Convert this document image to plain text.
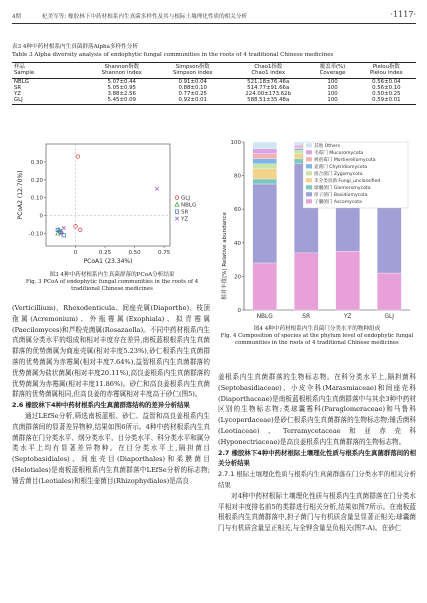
4期	杞美军等: 橡胶林下中药材根系内生真菌多样性及其与根际土壤理化性质的相关分析	·1117·
表3 4种中药材根系内生真菌群落Alpha多样性分析
Table 3 Alpha diversity analysis of endophytic fungal communities in the roots of 4 traditional Chinese medicines
样品	Shannon指数	Simpson指数	Chao1指数	覆盖率(%)	Pielou指数
Sample	Shannon index	Simpson index	Chao1 index	Coverage	Pielou index
NBLG	5.07±0.44	0.91±0.04	521.18±76.46a	100	0.56±0.04
SR	5.05±0.95	0.88±0.10	514.77±91.66a	100	0.56±0.10
YZ	3.88±2.56	0.77±0.25	224.00±173.62b	100	0.50±0.25
GLJ	5.45±0.09	0.92±0.01	588.51±35.48a	100	0.59±0.01
0	0.25	0.50	0.75
-0.10
0
0.10
0.20
0.30
PCoA1 (23.34%)
PCoA2 (12.70%)	GLJ
NBLG
SR
YZ
图3 4种中药材根系内生真菌群落的PCoA分析结果
Fig. 3 PCoA of endophytic fungal communities in the roots of 4 traditional Chinese medicines
0
20
40
60
80
100
相对丰度(%) Relative abundance
NBLG	SR	YZ	GLJ
其他 Others
毛霉门 Mucoromycota
被孢霉门 Mortierellomycota
壶菌门 Chytridiomycota
接合菌门 Zygomycota
未分类真菌 Fungi_unclassified
球囊菌门 Glomeromycota
担子菌门 Basidiomycota
子囊菌门 Ascomycota
图4 4种中药材根系内生真菌门分类水平的物种组成
Fig. 4 Composition of species at the phylum level of endophytic fungal communities in the roots of 4 traditional Chinese medicines

(Verticillium)、Rhexodenticula、间座壳属(Diaporthe)、枝顶孢属(Acremonium)、外瓶霉属(Exophiala)、拟青霉属(Paecilomyces)和芦粉壳菌属(Rosazaella)。不同中药材根系内生真菌属分类水平的组成和相对丰度存在差异,南板蓝根根系内生真菌群落的优势菌属为商座壳属(相对丰度5.23%),砂仁根系内生真菌群落的优势菌属为赤霉属(相对丰度7.64%),益智根系内生真菌群落的优势菌属为盐状菌属(相对丰度20.11%),高良姜根系内生真菌群落的优势菌属为赤霉属(相对丰度11.86%)。砂仁和高良姜根系内生真菌群落的优势菌属相同,但高良姜的赤霉属相对丰度高于砂仁(图5)。

2.6 橡胶林下4种中药材根系内生真菌群落结构的差异分析结果

通过LEfSe分析,筛选南板蓝根、砂仁、益智和高良姜根系内生真菌群落间的显著差异物种,结果如图6所示。4种中药材根系内生真菌群落在门分类水平、纲分类水平、目分类水平、科分类水平和属分类水平上均有显著差异物种。在目分类水平上,隔担菌目(Septobasidiales)、间座壳目(Diaporthales)和柔膜菌目(Helotiales)是南板蓝根根系内生真菌群落中LEfSe分析的标志物;锤舌菌目(Leotiales)和根生壶菌目(Rhizophydiales)是高良

姜根系内生真菌群落的生物标志物。在科分类水平上,隔担菌科(Septobasidiaceae)、小皮伞科(Marasmiaceae)和间座壳科(Diaporthaceae)是南板蓝根根系内生真菌群落中与其余3种中药材区别的生物标志物;类球囊霉科(Paraglomeraceae)和马鲁科(Lycoperdaceae)是砂仁根系内生真菌群落的生物标志物;锤舌菌科(Leotiaceae)、Terramycetaceae和亚赤壳科(Hyponectriaceae)是高良姜根系内生真菌群落的生物标志物。

2.7 橡胶林下4种中药材根际土壤理化性质与根系内生真菌群落间的相关分析结果

2.7.1 根际土壤理化性质与根系内生真菌群落在门分类水平的相关分析结果

对4种中药材根际土壤理化性质与根系内生真菌群落在门分类水平相对丰度排名前5的类群进行相关分析,结果如图7所示。在南板蓝根根系内生真菌群落中,担子菌门与有机质含量呈显著正相关;球囊菌门与有机质含量呈正相关,与全钾含量呈负相关(图7-A)。在砂仁
